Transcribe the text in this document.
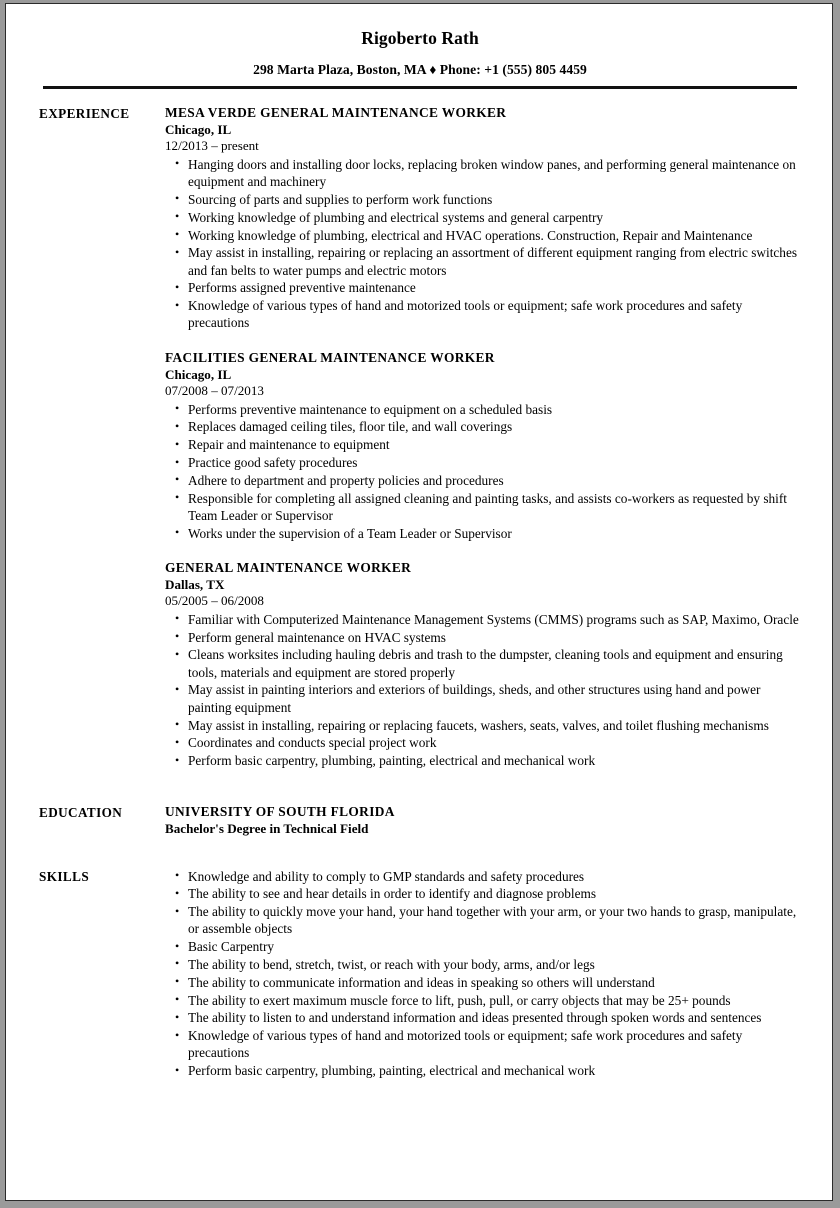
Rigoberto Rath
298 Marta Plaza, Boston, MA ♦ Phone: +1 (555) 805 4459
EXPERIENCE	MESA VERDE GENERAL MAINTENANCE WORKER
Chicago, IL
12/2013 – present
• Hanging doors and installing door locks, replacing broken window panes, and performing general maintenance on equipment and machinery
• Sourcing of parts and supplies to perform work functions
• Working knowledge of plumbing and electrical systems and general carpentry
• Working knowledge of plumbing, electrical and HVAC operations. Construction, Repair and Maintenance
• May assist in installing, repairing or replacing an assortment of different equipment ranging from electric switches and fan belts to water pumps and electric motors
• Performs assigned preventive maintenance
• Knowledge of various types of hand and motorized tools or equipment; safe work procedures and safety precautions
FACILITIES GENERAL MAINTENANCE WORKER
Chicago, IL
07/2008 – 07/2013
• Performs preventive maintenance to equipment on a scheduled basis
• Replaces damaged ceiling tiles, floor tile, and wall coverings
• Repair and maintenance to equipment
• Practice good safety procedures
• Adhere to department and property policies and procedures
• Responsible for completing all assigned cleaning and painting tasks, and assists co-workers as requested by shift Team Leader or Supervisor
• Works under the supervision of a Team Leader or Supervisor
GENERAL MAINTENANCE WORKER
Dallas, TX
05/2005 – 06/2008
• Familiar with Computerized Maintenance Management Systems (CMMS) programs such as SAP, Maximo, Oracle
• Perform general maintenance on HVAC systems
• Cleans worksites including hauling debris and trash to the dumpster, cleaning tools and equipment and ensuring tools, materials and equipment are stored properly
• May assist in painting interiors and exteriors of buildings, sheds, and other structures using hand and power painting equipment
• May assist in installing, repairing or replacing faucets, washers, seats, valves, and toilet flushing mechanisms
• Coordinates and conducts special project work
• Perform basic carpentry, plumbing, painting, electrical and mechanical work
EDUCATION	UNIVERSITY OF SOUTH FLORIDA
Bachelor's Degree in Technical Field
SKILLS	• Knowledge and ability to comply to GMP standards and safety procedures
• The ability to see and hear details in order to identify and diagnose problems
• The ability to quickly move your hand, your hand together with your arm, or your two hands to grasp, manipulate, or assemble objects
• Basic Carpentry
• The ability to bend, stretch, twist, or reach with your body, arms, and/or legs
• The ability to communicate information and ideas in speaking so others will understand
• The ability to exert maximum muscle force to lift, push, pull, or carry objects that may be 25+ pounds
• The ability to listen to and understand information and ideas presented through spoken words and sentences
• Knowledge of various types of hand and motorized tools or equipment; safe work procedures and safety precautions
• Perform basic carpentry, plumbing, painting, electrical and mechanical work
